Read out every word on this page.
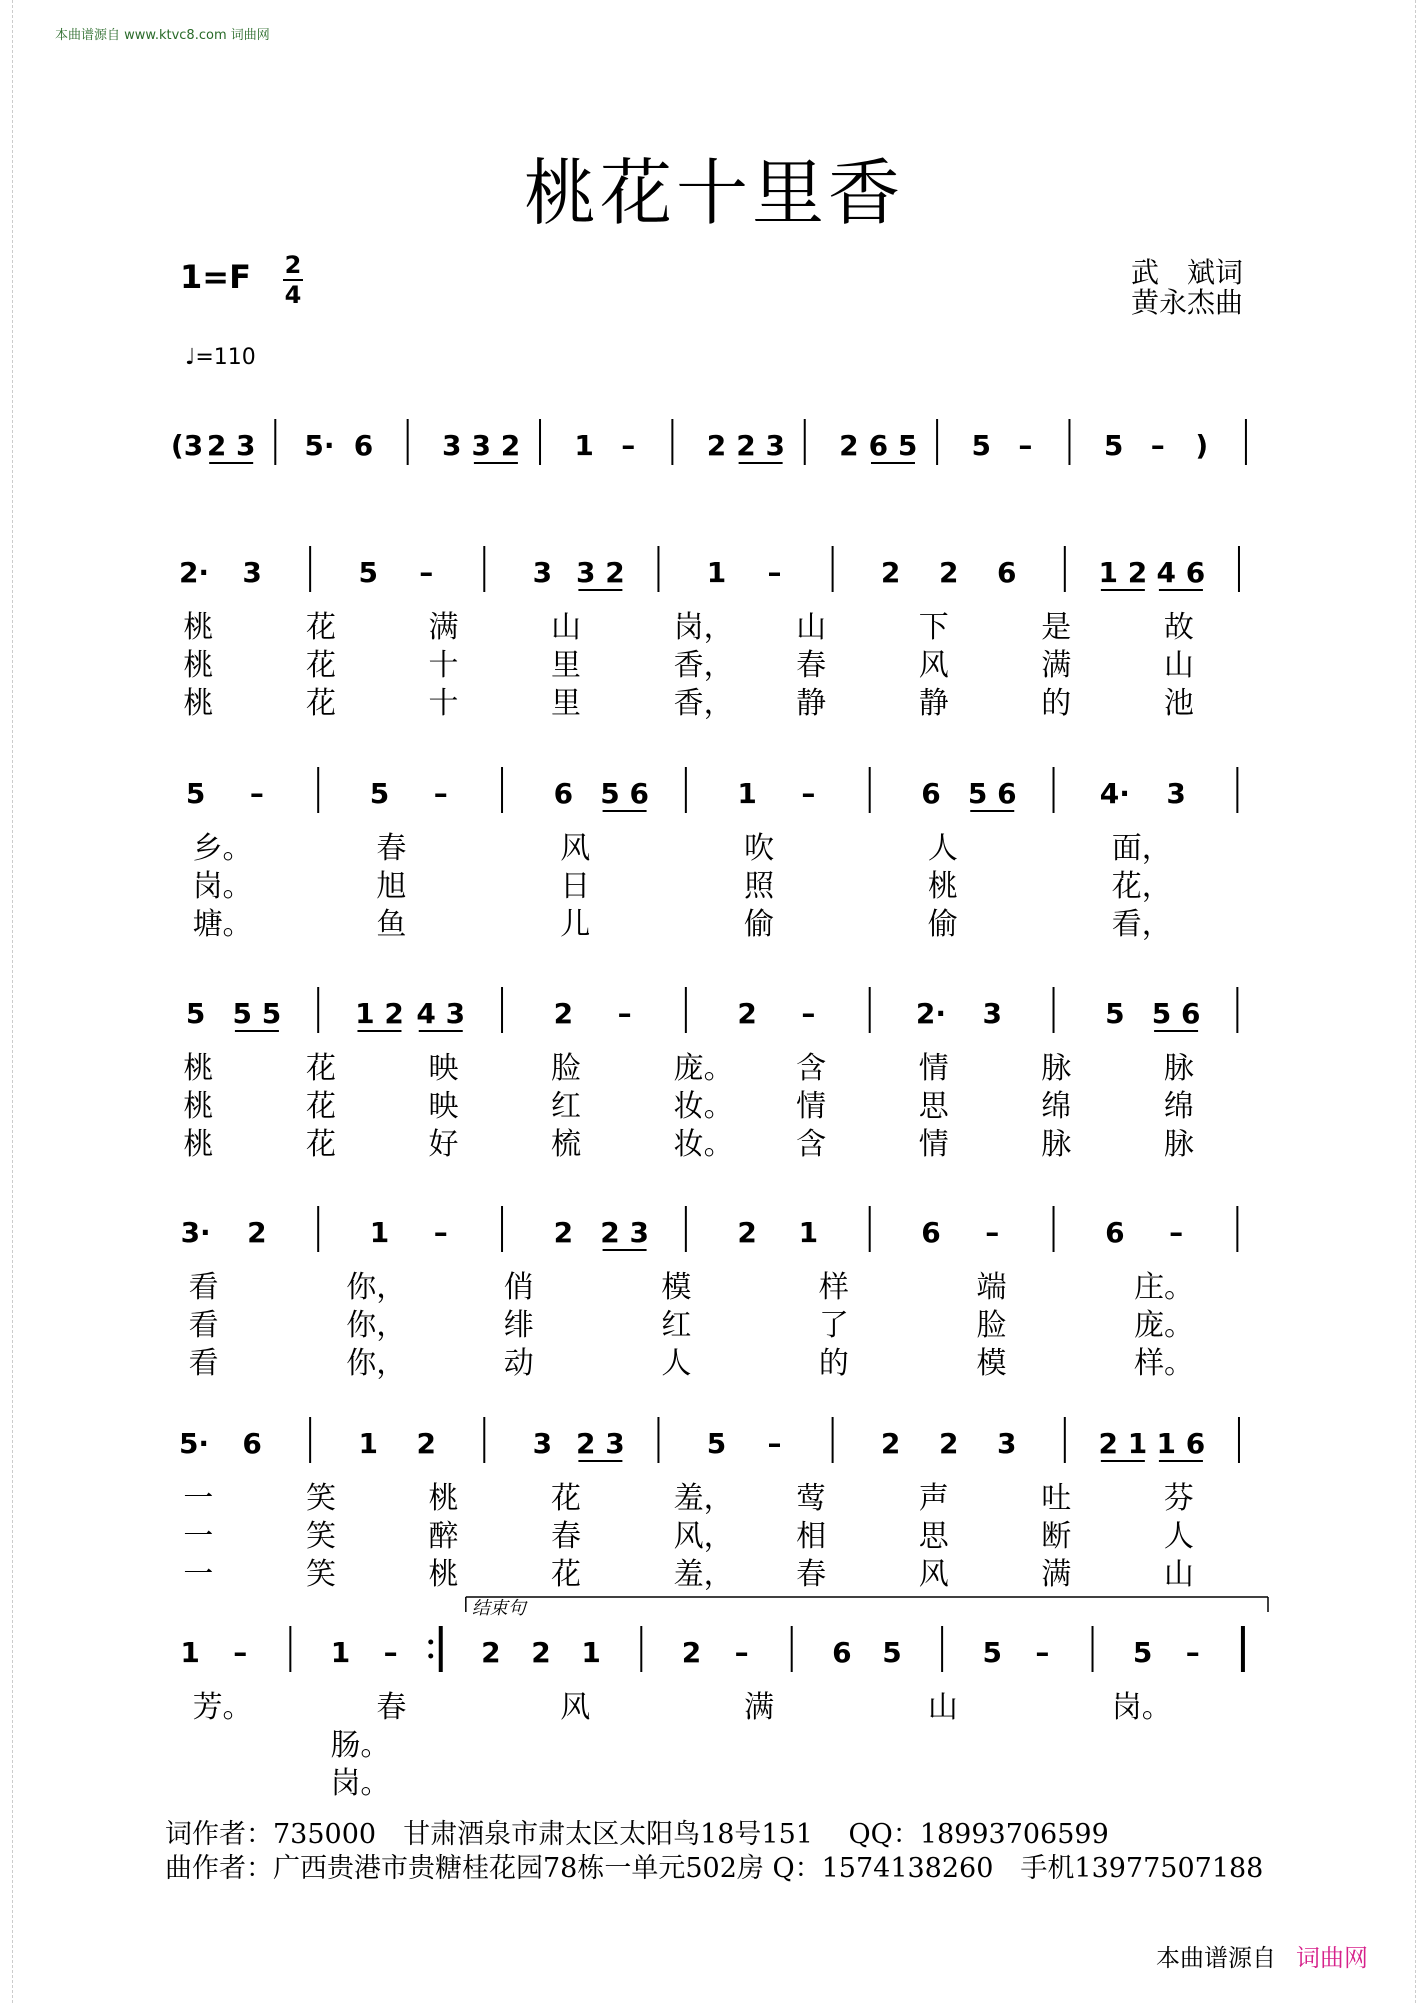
本曲谱源自 www.ktvc8.com 词曲网
桃花十里香
1=F 2
4
武　斌词
黄永杰曲
♩=110
(3 2 3 5· 6 3 3 2 1 –	2 2 3 2 6 5 5 –	5 – )
2· 3	5 –	3 3 2	1 –	2 2 6	1 2 4 6
桃	花	满	山	岗， 山	下	是	故
桃	花	十	里	香， 春	风	满	山
桃	花	十	里	香， 静	静	的	池
5 –	5 –	6 5 6	1 –	6 5 6	4· 3
乡。	春	风	吹	人	面，
岗。	旭	日	照	桃	花，
塘。	鱼	儿	偷	偷	看，
5 5 5	1 2 4 3	2 –	2 –	2· 3	5 5 6
桃	花	映	脸	庞。 含	情	脉	脉
桃	花	映	红	妆。 情	思	绵	绵
桃	花	好	梳	妆。 含	情	脉	脉
3· 2	1 –	2 2 3	2 1	6 –	6 –
看	你，	俏	模	样	端	庄。
看	你，	绯	红	了	脸	庞。
看	你，	动	人	的	模	样。
5· 6	1 2	3 2 3	5 –	2 2 3	2 1 1 6
一	笑	桃	花	羞， 莺	声	吐	芬
一	笑	醉	春	风， 相	思	断	人
一	笑	桃	花	羞， 春	风	满	山
1 –	1 –	2 2 1	2 –	6 5	5 –	5 –
结束句
芳。	春	风	满	山	岗。
肠。
岗。
词作者：735000　甘肃酒泉市肃太区太阳鸟18号151　 QQ：18993706599
曲作者：广西贵港市贵糖桂花园78栋一单元502房 Q：1574138260　手机13977507188
本曲谱源自 词曲网
